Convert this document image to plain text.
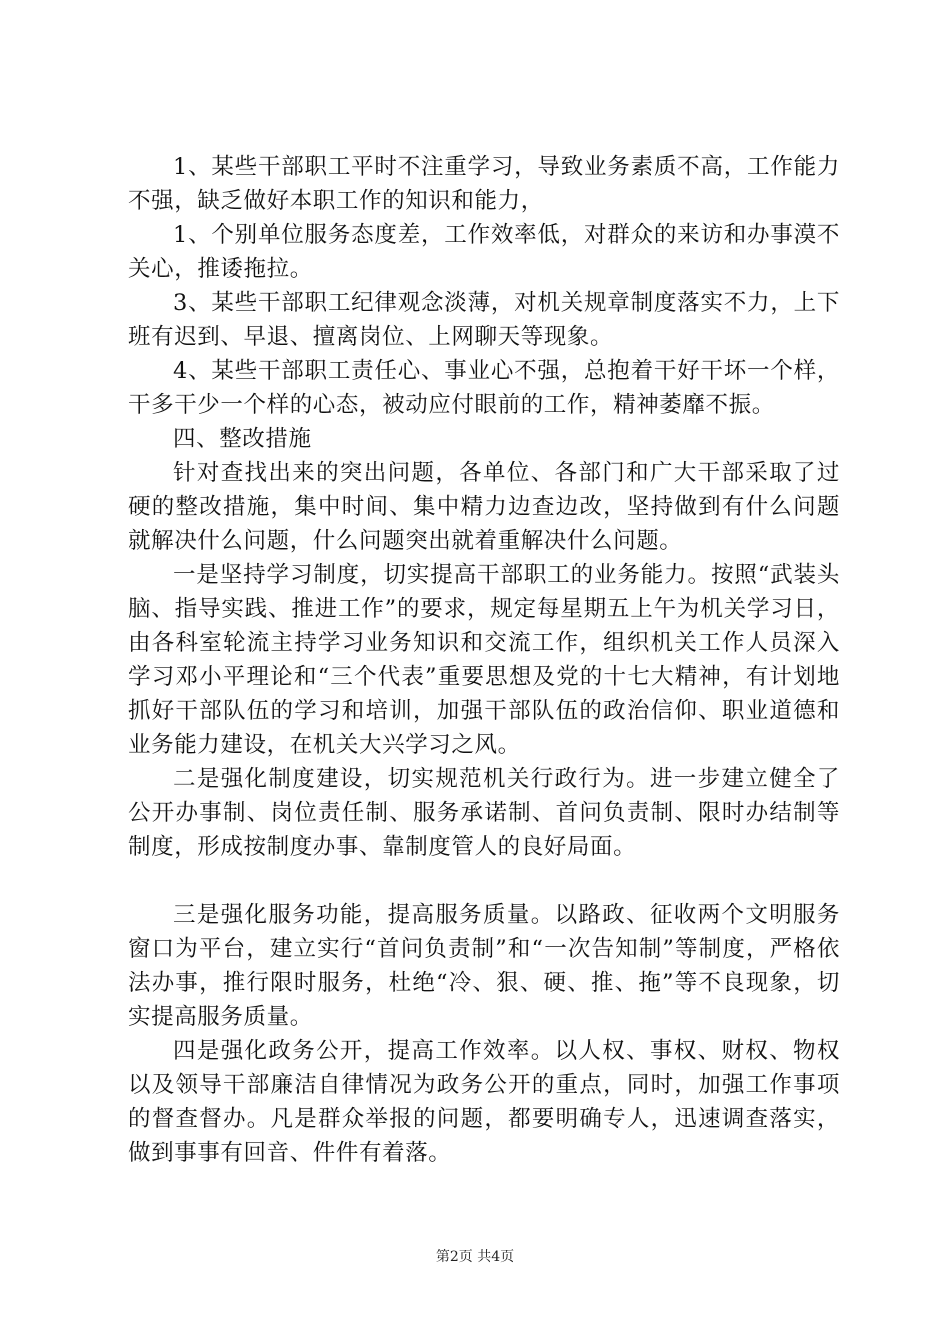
1、某些干部职工平时不注重学习，导致业务素质不高，工作能力不强，缺乏做好本职工作的知识和能力，

1、个别单位服务态度差，工作效率低，对群众的来访和办事漠不关心，推诿拖拉。

3、某些干部职工纪律观念淡薄，对机关规章制度落实不力，上下班有迟到、早退、擅离岗位、上网聊天等现象。

4、某些干部职工责任心、事业心不强，总抱着干好干坏一个样，干多干少一个样的心态，被动应付眼前的工作，精神萎靡不振。

四、整改措施

针对查找出来的突出问题，各单位、各部门和广大干部采取了过硬的整改措施，集中时间、集中精力边查边改，坚持做到有什么问题就解决什么问题，什么问题突出就着重解决什么问题。

一是坚持学习制度，切实提高干部职工的业务能力。按照“武装头脑、指导实践、推进工作”的要求，规定每星期五上午为机关学习日，由各科室轮流主持学习业务知识和交流工作，组织机关工作人员深入学习邓小平理论和“三个代表”重要思想及党的十七大精神，有计划地抓好干部队伍的学习和培训，加强干部队伍的政治信仰、职业道德和业务能力建设，在机关大兴学习之风。

二是强化制度建设，切实规范机关行政行为。进一步建立健全了公开办事制、岗位责任制、服务承诺制、首问负责制、限时办结制等制度，形成按制度办事、靠制度管人的良好局面。

三是强化服务功能，提高服务质量。以路政、征收两个文明服务窗口为平台，建立实行“首问负责制”和“一次告知制”等制度，严格依法办事，推行限时服务，杜绝“冷、狠、硬、推、拖”等不良现象，切实提高服务质量。

四是强化政务公开，提高工作效率。以人权、事权、财权、物权以及领导干部廉洁自律情况为政务公开的重点，同时，加强工作事项的督查督办。凡是群众举报的问题，都要明确专人，迅速调查落实，做到事事有回音、件件有着落。

第2页 共4页
